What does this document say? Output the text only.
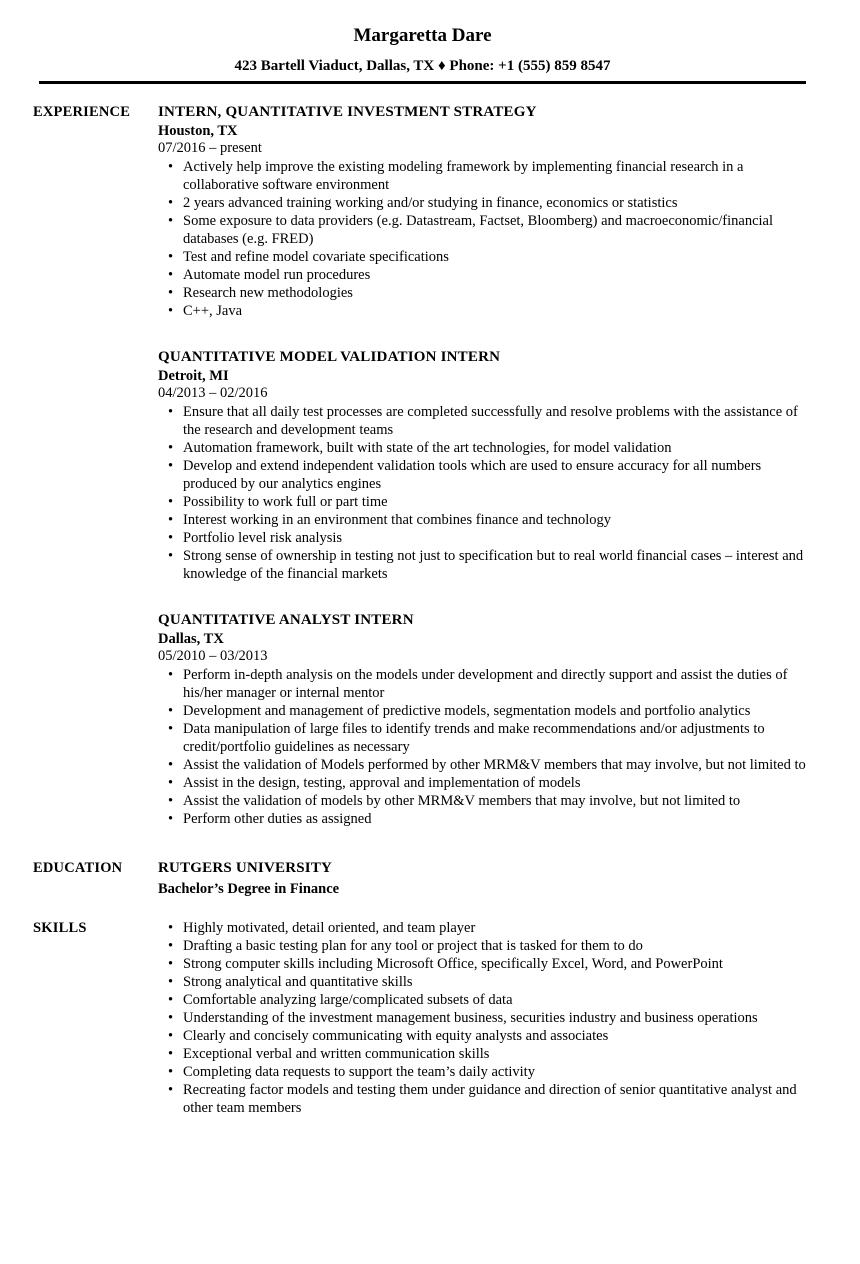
Margaretta Dare
423 Bartell Viaduct, Dallas, TX ♦ Phone: +1 (555) 859 8547
EXPERIENCE	INTERN, QUANTITATIVE INVESTMENT STRATEGY
Houston, TX
07/2016 – present
• Actively help improve the existing modeling framework by implementing financial research in a collaborative software environment
• 2 years advanced training working and/or studying in finance, economics or statistics
• Some exposure to data providers (e.g. Datastream, Factset, Bloomberg) and macroeconomic/financial databases (e.g. FRED)
• Test and refine model covariate specifications
• Automate model run procedures
• Research new methodologies
• C++, Java
QUANTITATIVE MODEL VALIDATION INTERN
Detroit, MI
04/2013 – 02/2016
• Ensure that all daily test processes are completed successfully and resolve problems with the assistance of the research and development teams
• Automation framework, built with state of the art technologies, for model validation
• Develop and extend independent validation tools which are used to ensure accuracy for all numbers produced by our analytics engines
• Possibility to work full or part time
• Interest working in an environment that combines finance and technology
• Portfolio level risk analysis
• Strong sense of ownership in testing not just to specification but to real world financial cases – interest and knowledge of the financial markets
QUANTITATIVE ANALYST INTERN
Dallas, TX
05/2010 – 03/2013
• Perform in-depth analysis on the models under development and directly support and assist the duties of his/her manager or internal mentor
• Development and management of predictive models, segmentation models and portfolio analytics
• Data manipulation of large files to identify trends and make recommendations and/or adjustments to credit/portfolio guidelines as necessary
• Assist the validation of Models performed by other MRM&V members that may involve, but not limited to
• Assist in the design, testing, approval and implementation of models
• Assist the validation of models by other MRM&V members that may involve, but not limited to
• Perform other duties as assigned
EDUCATION	RUTGERS UNIVERSITY
Bachelor’s Degree in Finance
SKILLS	• Highly motivated, detail oriented, and team player
• Drafting a basic testing plan for any tool or project that is tasked for them to do
• Strong computer skills including Microsoft Office, specifically Excel, Word, and PowerPoint
• Strong analytical and quantitative skills
• Comfortable analyzing large/complicated subsets of data
• Understanding of the investment management business, securities industry and business operations
• Clearly and concisely communicating with equity analysts and associates
• Exceptional verbal and written communication skills
• Completing data requests to support the team’s daily activity
• Recreating factor models and testing them under guidance and direction of senior quantitative analyst and other team members
